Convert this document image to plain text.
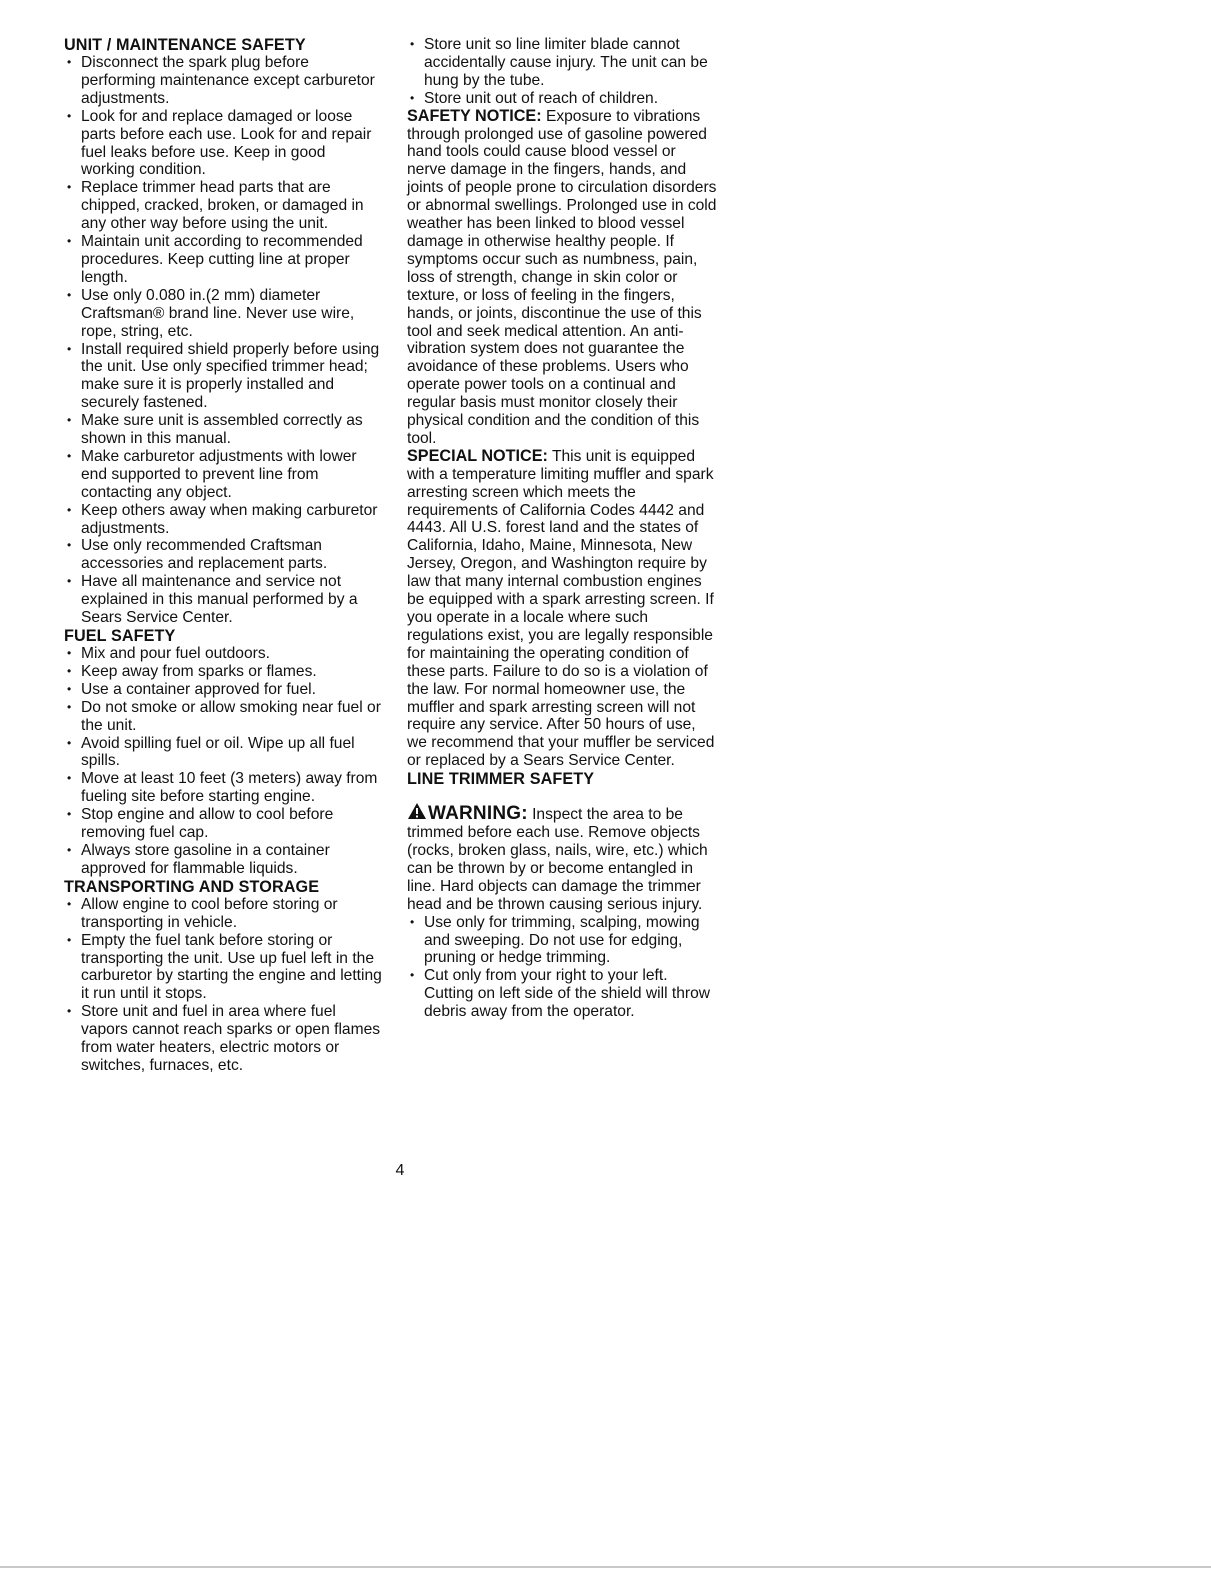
UNIT / MAINTENANCE SAFETY
• Disconnect the spark plug before performing maintenance except carburetor adjustments.
• Look for and replace damaged or loose parts before each use. Look for and repair fuel leaks before use. Keep in good working condition.
• Replace trimmer head parts that are chipped, cracked, broken, or damaged in any other way before using the unit.
• Maintain unit according to recommended procedures. Keep cutting line at proper length.
• Use only 0.080 in.(2 mm) diameter Craftsman® brand line. Never use wire, rope, string, etc.
• Install required shield properly before using the unit. Use only specified trimmer head; make sure it is properly installed and securely fastened.
• Make sure unit is assembled correctly as shown in this manual.
• Make carburetor adjustments with lower end supported to prevent line from contacting any object.
• Keep others away when making carburetor adjustments.
• Use only recommended Craftsman accessories and replacement parts.
• Have all maintenance and service not explained in this manual performed by a Sears Service Center.
FUEL SAFETY
• Mix and pour fuel outdoors.
• Keep away from sparks or flames.
• Use a container approved for fuel.
• Do not smoke or allow smoking near fuel or the unit.
• Avoid spilling fuel or oil. Wipe up all fuel spills.
• Move at least 10 feet (3 meters) away from fueling site before starting engine.
• Stop engine and allow to cool before removing fuel cap.
• Always store gasoline in a container approved for flammable liquids.
TRANSPORTING AND STORAGE
• Allow engine to cool before storing or transporting in vehicle.
• Empty the fuel tank before storing or transporting the unit. Use up fuel left in the carburetor by starting the engine and letting it run until it stops.
• Store unit and fuel in area where fuel vapors cannot reach sparks or open flames from water heaters, electric motors or switches, furnaces, etc.
• Store unit so line limiter blade cannot accidentally cause injury. The unit can be hung by the tube.
• Store unit out of reach of children.

SAFETY NOTICE: Exposure to vibrations through prolonged use of gasoline powered hand tools could cause blood vessel or nerve damage in the fingers, hands, and joints of people prone to circulation disorders or abnormal swellings. Prolonged use in cold weather has been linked to blood vessel damage in otherwise healthy people. If symptoms occur such as numbness, pain, loss of strength, change in skin color or texture, or loss of feeling in the fingers, hands, or joints, discontinue the use of this tool and seek medical attention. An antivibration system does not guarantee the avoidance of these problems. Users who operate power tools on a continual and regular basis must monitor closely their physical condition and the condition of this tool.

SPECIAL NOTICE: This unit is equipped with a temperature limiting muffler and spark arresting screen which meets the requirements of California Codes 4442 and 4443. All U.S. forest land and the states of California, Idaho, Maine, Minnesota, New Jersey, Oregon, and Washington require by law that many internal combustion engines be equipped with a spark arresting screen. If you operate in a locale where such regulations exist, you are legally responsible for maintaining the operating condition of these parts. Failure to do so is a violation of the law. For normal homeowner use, the muffler and spark arresting screen will not require any service. After 50 hours of use, we recommend that your muffler be serviced or replaced by a Sears Service Center.

LINE TRIMMER SAFETY

WARNING: Inspect the area to be trimmed before each use. Remove objects (rocks, broken glass, nails, wire, etc.) which can be thrown by or become entangled in line. Hard objects can damage the trimmer head and be thrown causing serious injury.

• Use only for trimming, scalping, mowing and sweeping. Do not use for edging, pruning or hedge trimming.
• Cut only from your right to your left. Cutting on left side of the shield will throw debris away from the operator.
4
